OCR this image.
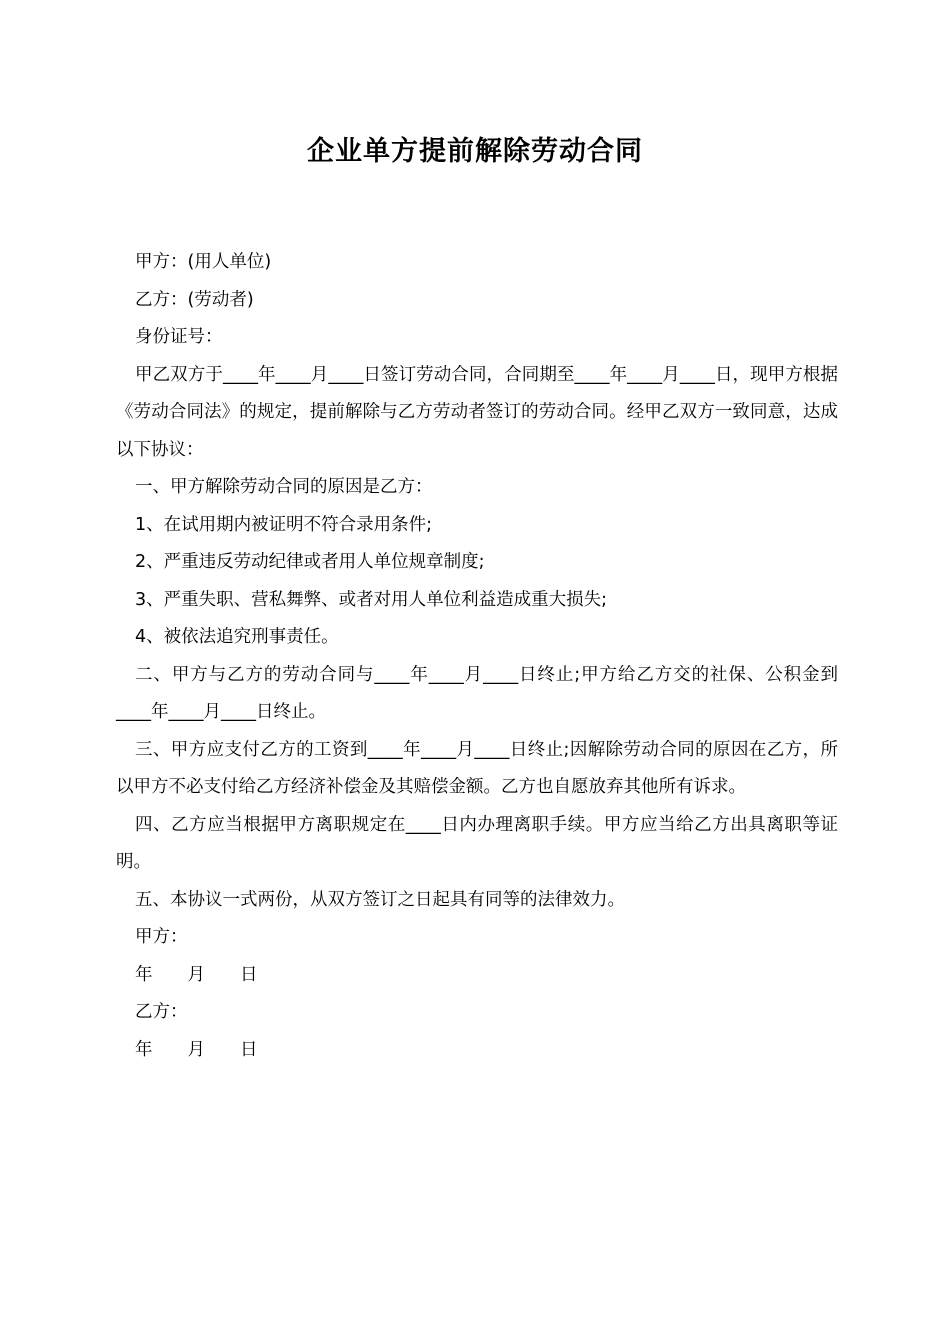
企业单方提前解除劳动合同

甲方：(用人单位)

乙方：(劳动者)

身份证号：

甲乙双方于____年____月____日签订劳动合同，合同期至____年____月____日，现甲方根据《劳动合同法》的规定，提前解除与乙方劳动者签订的劳动合同。经甲乙双方一致同意，达成以下协议：

一、甲方解除劳动合同的原因是乙方：

1、在试用期内被证明不符合录用条件;

2、严重违反劳动纪律或者用人单位规章制度;

3、严重失职、营私舞弊、或者对用人单位利益造成重大损失;

4、被依法追究刑事责任。

二、甲方与乙方的劳动合同与____年____月____日终止;甲方给乙方交的社保、公积金到____年____月____日终止。

三、甲方应支付乙方的工资到____年____月____日终止;因解除劳动合同的原因在乙方，所以甲方不必支付给乙方经济补偿金及其赔偿金额。乙方也自愿放弃其他所有诉求。

四、乙方应当根据甲方离职规定在____日内办理离职手续。甲方应当给乙方出具离职等证明。

五、本协议一式两份，从双方签订之日起具有同等的法律效力。

甲方：

年　　月　　日

乙方：

年　　月　　日
